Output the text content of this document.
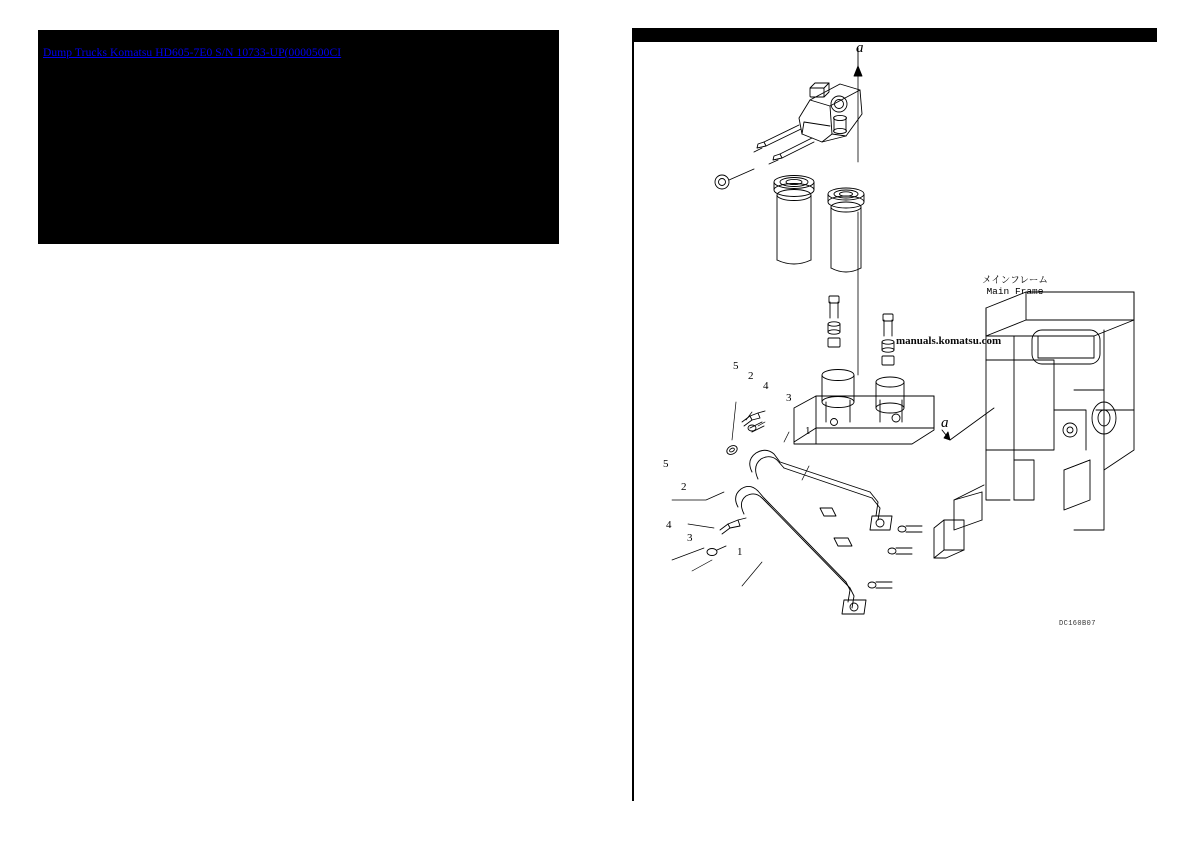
Dump Trucks Komatsu HD605-7E0 S/N 10733-UP(0000500CI
manuals.komatsu.com
メインフレーム
Main Frame
DC160B07
a
a
5
2
4
3
1
5
2
4
3
1
